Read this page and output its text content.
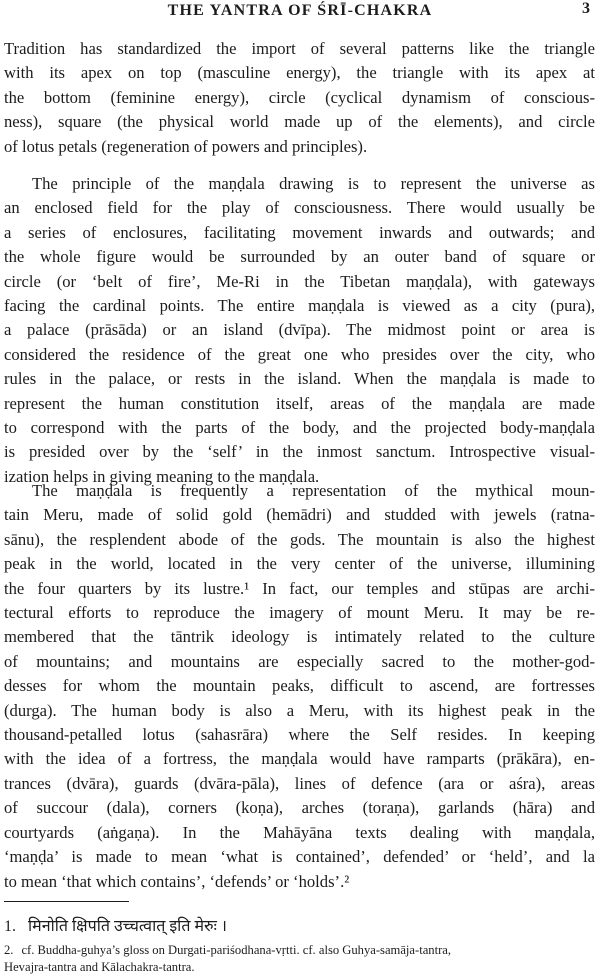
THE YANTRA OF ŚRĪ-CHAKRA	3
Tradition has standardized the import of several patterns like the triangle
with its apex on top (masculine energy), the triangle with its apex at
the bottom (feminine energy), circle (cyclical dynamism of conscious-
ness), square (the physical world made up of the elements), and circle
of lotus petals (regeneration of powers and principles).
The principle of the maṇḍala drawing is to represent the universe as
an enclosed field for the play of consciousness. There would usually be
a series of enclosures, facilitating movement inwards and outwards; and
the whole figure would be surrounded by an outer band of square or
circle (or ‘belt of fire’, Me-Ri in the Tibetan maṇḍala), with gateways
facing the cardinal points. The entire maṇḍala is viewed as a city (pura),
a palace (prāsāda) or an island (dvīpa). The midmost point or area is
considered the residence of the great one who presides over the city, who
rules in the palace, or rests in the island. When the maṇḍala is made to
represent the human constitution itself, areas of the maṇḍala are made
to correspond with the parts of the body, and the projected body-maṇḍala
is presided over by the ‘self’ in the inmost sanctum. Introspective visual-
ization helps in giving meaning to the maṇḍala.
The maṇḍala is frequently a representation of the mythical moun-
tain Meru, made of solid gold (hemādri) and studded with jewels (ratna-
sānu), the resplendent abode of the gods. The mountain is also the highest
peak in the world, located in the very center of the universe, illumining
the four quarters by its lustre.¹ In fact, our temples and stūpas are archi-
tectural efforts to reproduce the imagery of mount Meru. It may be re-
membered that the tāntrik ideology is intimately related to the culture
of mountains; and mountains are especially sacred to the mother-god-
desses for whom the mountain peaks, difficult to ascend, are fortresses
(durga). The human body is also a Meru, with its highest peak in the
thousand-petalled lotus (sahasrāra) where the Self resides. In keeping
with the idea of a fortress, the maṇḍala would have ramparts (prākāra), en-
trances (dvāra), guards (dvāra-pāla), lines of defence (ara or aśra), areas
of succour (dala), corners (koṇa), arches (toraṇa), garlands (hāra) and
courtyards (aṅgaṇa). In the Mahāyāna texts dealing with maṇḍala,
‘maṇḍa’ is made to mean ‘what is contained’, defended’ or ‘held’, and la
to mean ‘that which contains’, ‘defends’ or ‘holds’.²
1. मिनोति क्षिपति उच्चत्वात् इति मेरुः ।
2. cf. Buddha-guhya’s gloss on Durgati-pariśodhana-vṛtti. cf. also Guhya-samāja-tantra,
Hevajra-tantra and Kālachakra-tantra.
